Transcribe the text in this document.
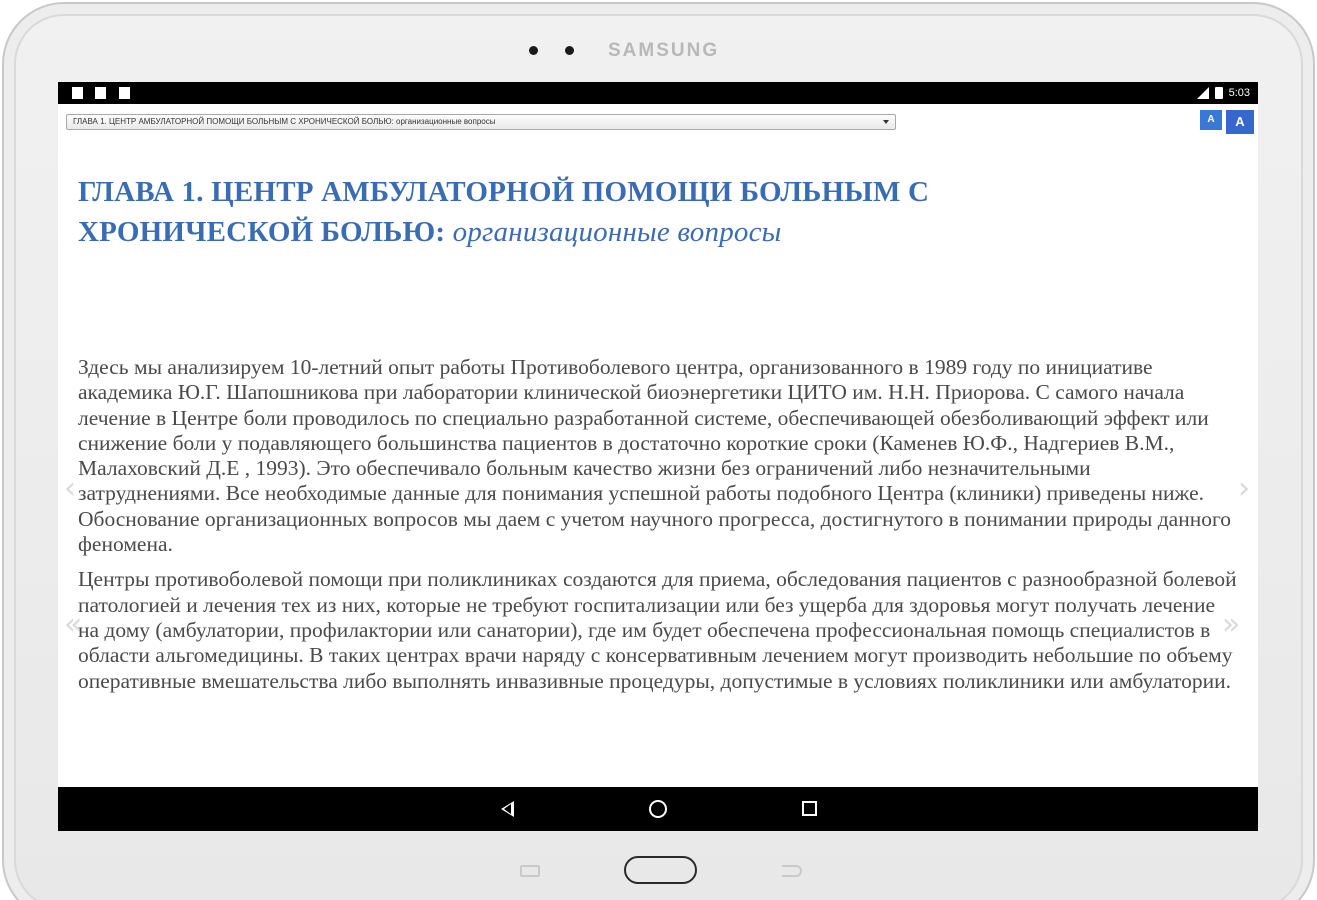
SAMSUNG
5:03
ГЛАВА 1. ЦЕНТР АМБУЛАТОРНОЙ ПОМОЩИ БОЛЬНЫМ С ХРОНИЧЕСКОЙ БОЛЬЮ: организационные вопросы	A	A
ГЛАВА 1. ЦЕНТР АМБУЛАТОРНОЙ ПОМОЩИ БОЛЬНЫМ С
ХРОНИЧЕСКОЙ БОЛЬЮ: организационные вопросы

Здесь мы анализируем 10-летний опыт работы Противоболевого центра, организованного в 1989 году по инициативе академика Ю.Г. Шапошникова при лаборатории клинической биоэнергетики ЦИТО им. Н.Н. Приорова. С самого начала лечение в Центре боли проводилось по специально разработанной системе, обеспечивающей обезболивающий эффект или снижение боли у подавляющего большинства пациентов в достаточно короткие сроки (Каменев Ю.Ф., Надгериев В.М., Малаховский Д.Е , 1993). Это обеспечивало больным качество жизни без ограничений либо незначительными затруднениями. Все необходимые данные для понимания успешной работы подобного Центра (клиники) приведены ниже. Обоснование организационных вопросов мы даем с учетом научного прогресса, достигнутого в понимании природы данного феномена.

Центры противоболевой помощи при поликлиниках создаются для приема, обследования пациентов с разнообразной болевой патологией и лечения тех из них, которые не требуют госпитализации или без ущерба для здоровья могут получать лечение на дому (амбулатории, профилактории или санатории), где им будет обеспечена профессиональная помощь специалистов в области альгомедицины. В таких центрах врачи наряду с консервативным лечением могут производить небольшие по объему оперативные вмешательства либо выполнять инвазивные процедуры, допустимые в условиях поликлиники или амбулатории.

‹	›
«	»
